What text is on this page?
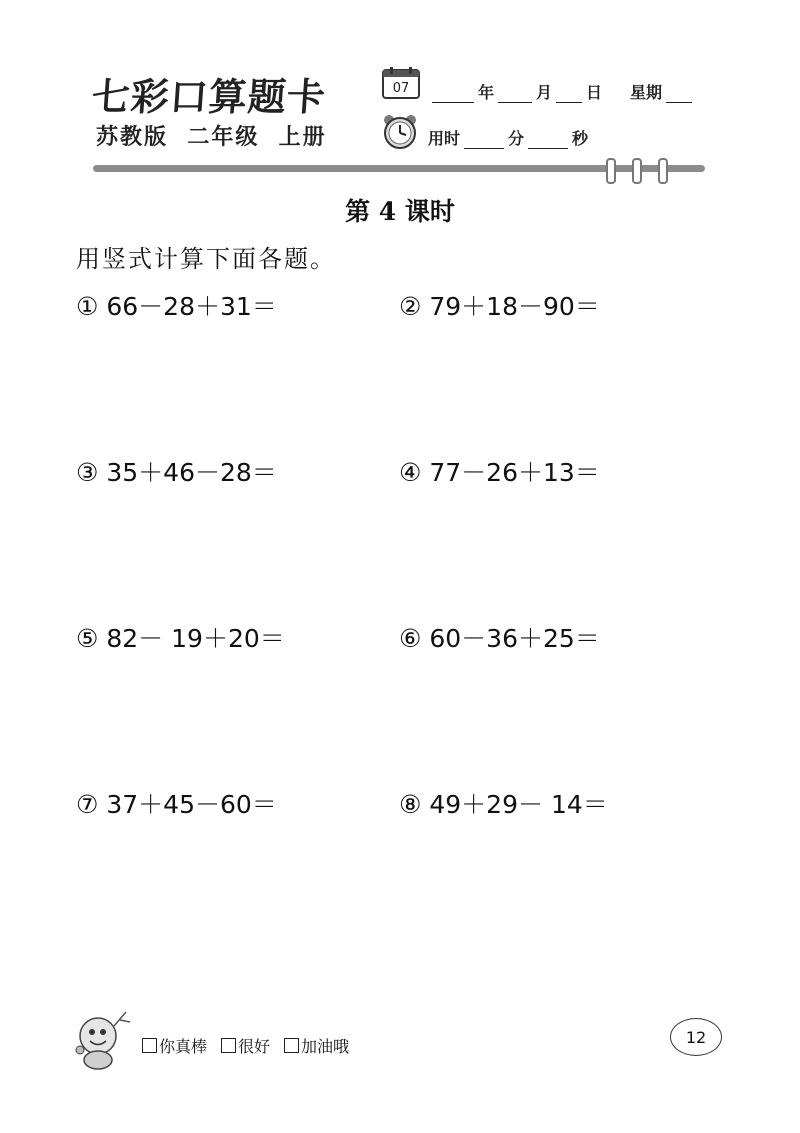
七彩口算题卡
苏教版  二年级  上册
07	年	月 日 星期
用时	分	秒
第 4 课时
用竖式计算下面各题。
① 66－28＋31＝	② 79＋18－90＝
③ 35＋46－28＝	④ 77－26＋13＝
⑤ 82－ 19＋20＝	⑥ 60－36＋25＝
⑦ 37＋45－60＝	⑧ 49＋29－ 14＝
你真棒 很好 加油哦	12
